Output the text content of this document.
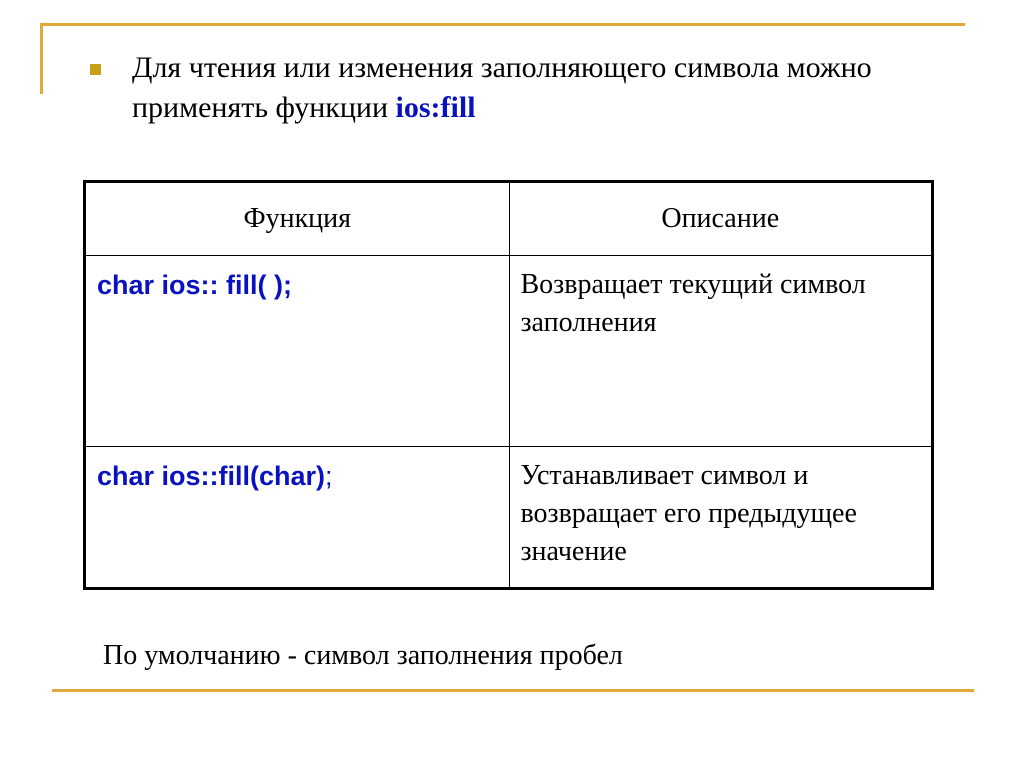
Для чтения или изменения заполняющего символа можно применять функции ios:fill
Функция	Описание

char ios:: fill( );	Возвращает текущий символ заполнения

char ios::fill(char);	Устанавливает символ и возвращает его предыдущее значение
По умолчанию - символ заполнения пробел
